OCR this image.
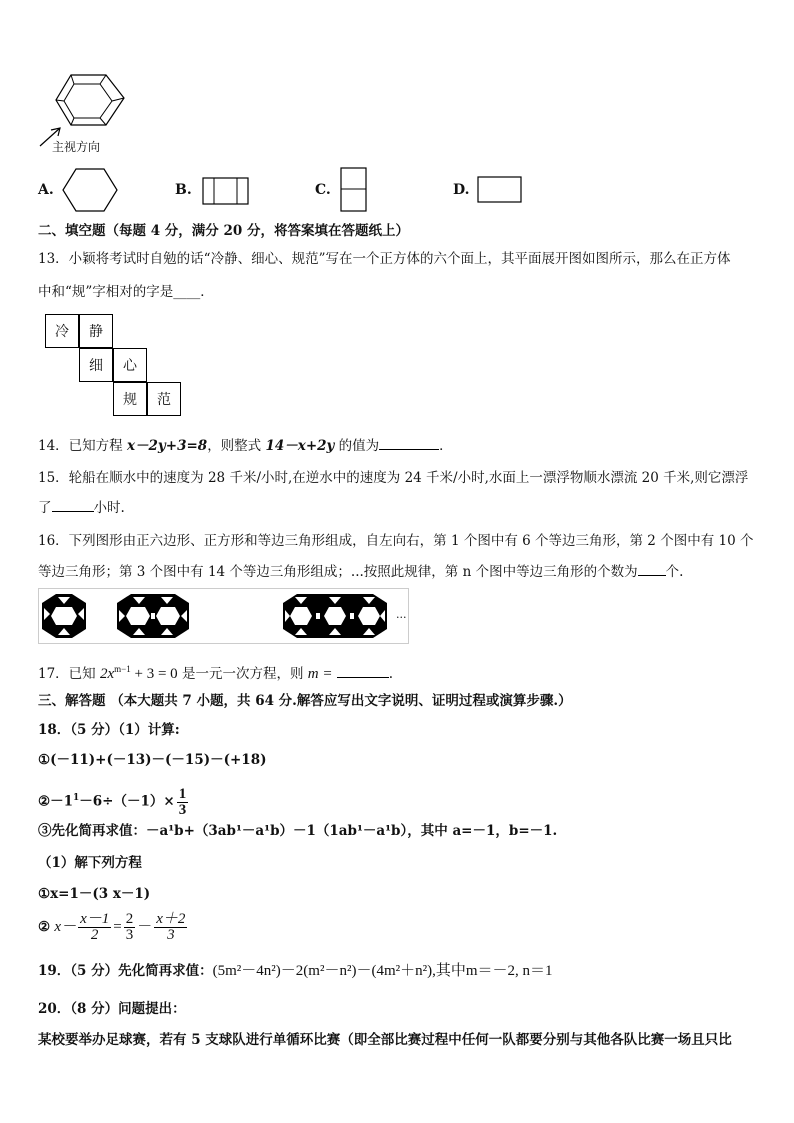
主视方向
A.	B.	C.	D.
二、填空题（每题 4 分，满分 20 分，将答案填在答题纸上）
13．小颖将考试时自勉的话“冷静、细心、规范”写在一个正方体的六个面上，其平面展开图如图所示，那么在正方体
中和“规”字相对的字是____．
冷	静
细	心
规	范
14．已知方程 x－2y+3=8，则整式 14－x+2y 的值为	．
15．轮船在顺水中的速度为 28 千米/小时,在逆水中的速度为 24 千米/小时,水面上一漂浮物顺水漂流 20 千米,则它漂浮
了	小时.
16．下列图形由正六边形、正方形和等边三角形组成，自左向右，第 1 个图中有 6 个等边三角形，第 2 个图中有 10 个
等边三角形；第 3 个图中有 14 个等边三角形组成；...按照此规律，第 n 个图中等边三角形的个数为 个.
...
17．已知 $2x^{m-1} + 3 = 0$ 是一元一次方程，则 m =	.
三、解答题 （本大题共 7 小题，共 64 分.解答应写出文字说明、证明过程或演算步骤.）
18．（5 分）（1）计算:
①(－11)+(－13)－(－15)－(+18)
$②-1^1-6\div(-1)\times \frac{1}{3}$
③先化简再求值：－a¹b+（3ab¹－a¹b）－1（1ab¹－a¹b），其中 a=－1，b=－1.
（1）解下列方程
①x=1－(3 x－1)
② $x- \frac{x-1}{2} = \frac{2}{3} - \frac{x+2}{3}$
19．（5 分）先化简再求值：(5m²－4n²)－2(m²－n²)－(4m²＋n²),其中m＝－2, n＝1
20．（8 分）问题提出：
某校要举办足球赛，若有 5 支球队进行单循环比赛（即全部比赛过程中任何一队都要分别与其他各队比赛一场且只比
